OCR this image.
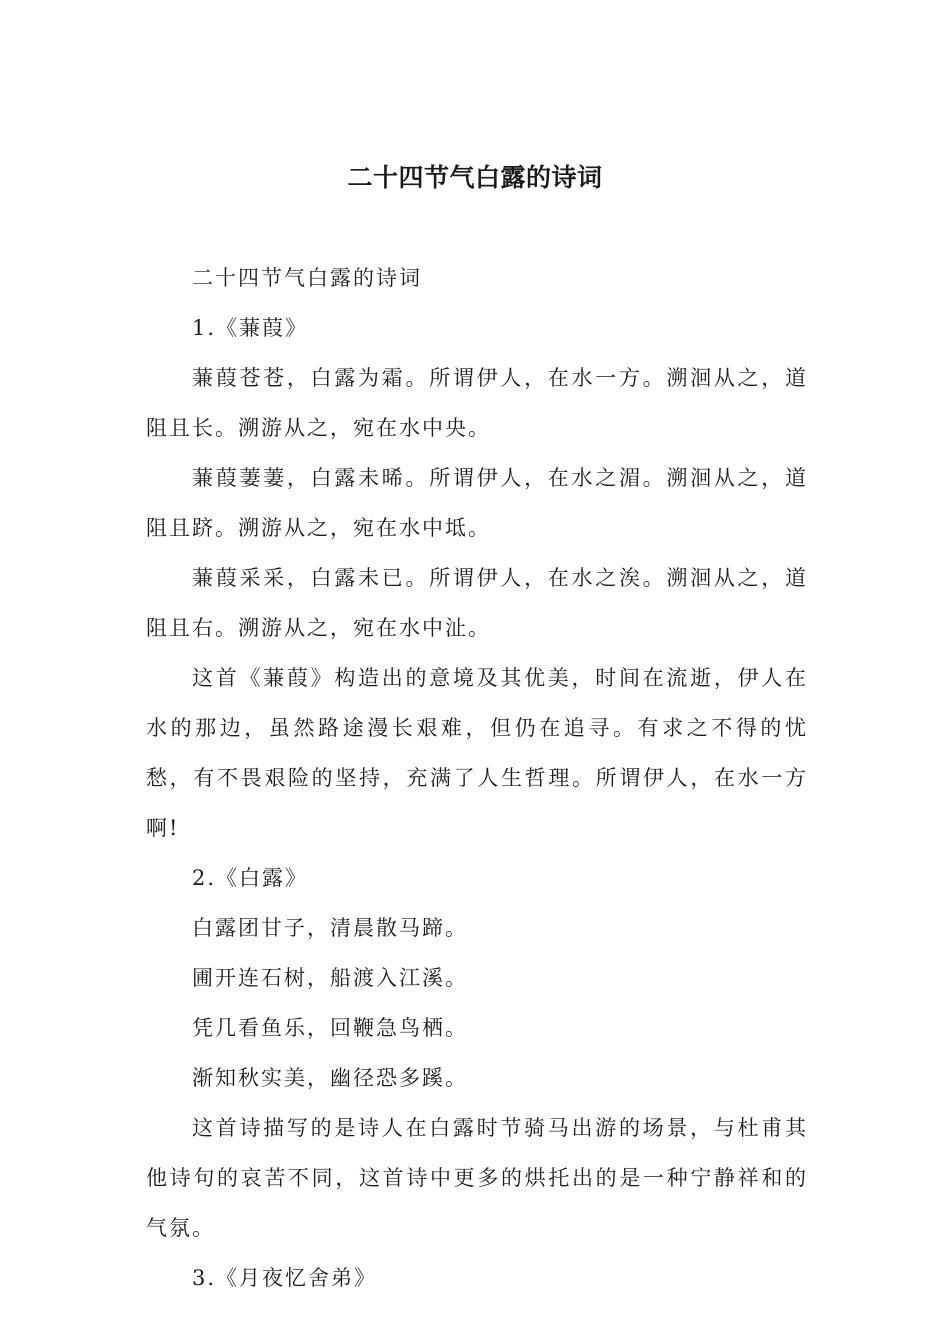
二十四节气白露的诗词

二十四节气白露的诗词

1.《蒹葭》

蒹葭苍苍，白露为霜。所谓伊人，在水一方。溯洄从之，道阻且长。溯游从之，宛在水中央。

蒹葭萋萋，白露未晞。所谓伊人，在水之湄。溯洄从之，道阻且跻。溯游从之，宛在水中坻。

蒹葭采采，白露未已。所谓伊人，在水之涘。溯洄从之，道阻且右。溯游从之，宛在水中沚。

这首《蒹葭》构造出的意境及其优美，时间在流逝，伊人在水的那边，虽然路途漫长艰难，但仍在追寻。有求之不得的忧愁，有不畏艰险的坚持，充满了人生哲理。所谓伊人，在水一方啊!

2.《白露》

白露团甘子，清晨散马蹄。

圃开连石树，船渡入江溪。

凭几看鱼乐，回鞭急鸟栖。

渐知秋实美，幽径恐多蹊。

这首诗描写的是诗人在白露时节骑马出游的场景，与杜甫其他诗句的哀苦不同，这首诗中更多的烘托出的是一种宁静祥和的气氛。

3.《月夜忆舍弟》
